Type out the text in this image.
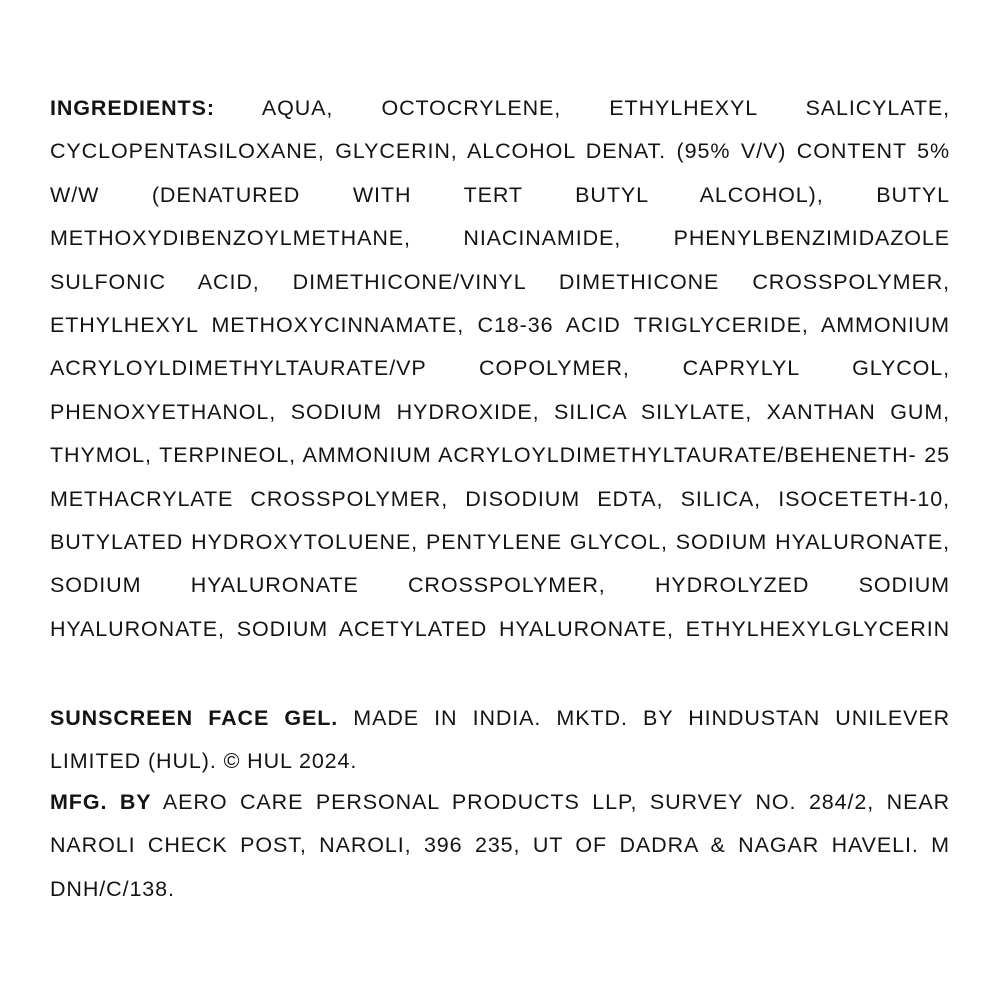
INGREDIENTS: AQUA, OCTOCRYLENE, ETHYLHEXYL SALICYLATE, CYCLOPENTASILOXANE, GLYCERIN, ALCOHOL DENAT. (95% V/V) CONTENT 5% W/W (DENATURED WITH TERT BUTYL ALCOHOL), BUTYL METHOXYDIBENZOYLMETHANE, NIACINAMIDE, PHENYLBENZIMIDAZOLE SULFONIC ACID, DIMETHICONE/VINYL DIMETHICONE CROSSPOLYMER, ETHYLHEXYL METHOXYCINNAMATE, C18-36 ACID TRIGLYCERIDE, AMMONIUM ACRYLOYLDIMETHYLTAURATE/VP COPOLYMER, CAPRYLYL GLYCOL, PHENOXYETHANOL, SODIUM HYDROXIDE, SILICA SILYLATE, XANTHAN GUM, THYMOL, TERPINEOL, AMMONIUM ACRYLOYLDIMETHYLTAURATE/BEHENETH- 25 METHACRYLATE CROSSPOLYMER, DISODIUM EDTA, SILICA, ISOCETETH-10, BUTYLATED HYDROXYTOLUENE, PENTYLENE GLYCOL, SODIUM HYALURONATE, SODIUM HYALURONATE CROSSPOLYMER, HYDROLYZED SODIUM HYALURONATE, SODIUM ACETYLATED HYALURONATE, ETHYLHEXYLGLYCERIN
SUNSCREEN FACE GEL. MADE IN INDIA. MKTD. BY HINDUSTAN UNILEVER LIMITED (HUL). © HUL 2024.
MFG. BY AERO CARE PERSONAL PRODUCTS LLP, SURVEY NO. 284/2, NEAR NAROLI CHECK POST, NAROLI, 396 235, UT OF DADRA & NAGAR HAVELI. M DNH/C/138.
